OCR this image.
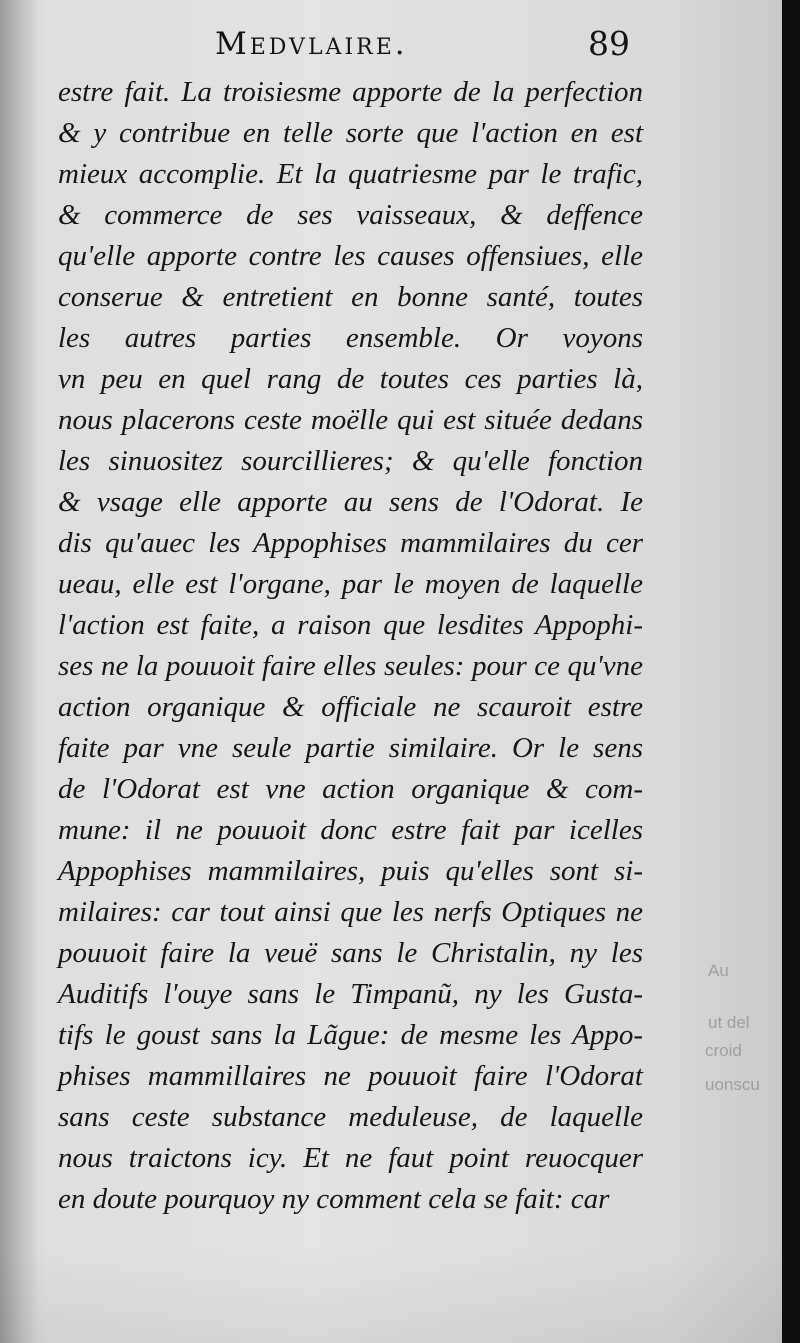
Medvlaire.	89
estre fait. La troisiesme apporte de la perfection
& y contribue en telle sorte que l'action en est
mieux accomplie. Et la quatriesme par le trafic,
& commerce de ses vaisseaux, & deffence
qu'elle apporte contre les causes offensiues, elle
conserue & entretient en bonne santé, toutes
les autres parties ensemble. Or voyons
vn peu en quel rang de toutes ces parties là,
nous placerons ceste moëlle qui est située dedans
les sinuositez sourcillieres; & qu'elle fonction
& vsage elle apporte au sens de l'Odorat. Ie
dis qu'auec les Appophises mammilaires du cer
ueau, elle est l'organe, par le moyen de laquelle
l'action est faite, a raison que lesdites Appophi-
ses ne la pouuoit faire elles seules: pour ce qu'vne
action organique & officiale ne scauroit estre
faite par vne seule partie similaire. Or le sens
de l'Odorat est vne action organique & com-
mune: il ne pouuoit donc estre fait par icelles
Appophises mammilaires, puis qu'elles sont si-
milaires: car tout ainsi que les nerfs Optiques ne
pouuoit faire la veuë sans le Christalin, ny les
Auditifs l'ouye sans le Timpanũ, ny les Gusta-
tifs le goust sans la Lãgue: de mesme les Appo-
phises mammillaires ne pouuoit faire l'Odorat
sans ceste substance meduleuse, de laquelle
nous traictons icy. Et ne faut point reuocquer
en doute pourquoy ny comment cela se fait: car
Au
ut del
croid
uonscu
